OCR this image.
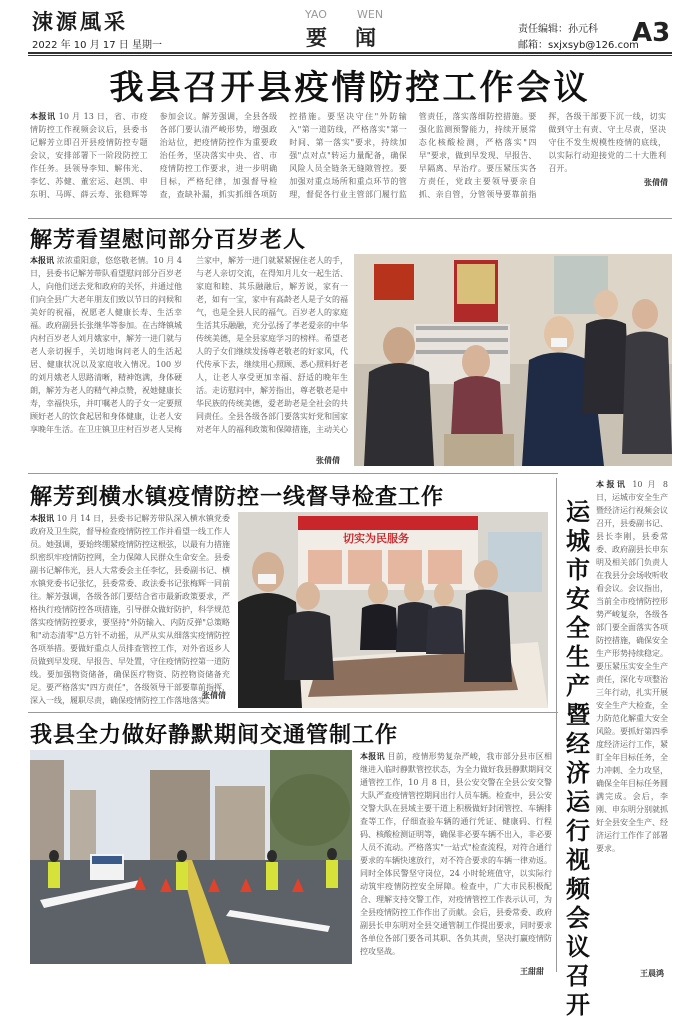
涑源風采
2022 年 10 月 17 日 星期一
YAO	WEN
要闻	责任编辑：孙元科
邮箱：sxjxsyb@126.com
A3
我县召开县疫情防控工作会议
本报讯 10 月 13 日，省、市疫情防控工作视频会议后，县委书记解芳立即召开县疫情防控专题会议，安排部署下一阶段防控工作任务。县领导李知、解伟光、李忆、苏健、董宏运、赵凯、申东明、马晖、薛云寿、张稳辉等参加会议。解芳强调，全县各级各部门要认清严峻形势，增强政治站位，把疫情防控作为重要政治任务，坚决落实中央、省、市疫情防控工作要求，进一步明确目标，严格纪律，加强督导检查，查缺补漏，抓实抓细各项防控措施。要坚决守住"外防输入"第一道防线，严格落实"第一时间、第一落实"要求，持续加强"点对点"转运力量配备，确保风险人员全链条无缝隙管控。要加强对重点场所和重点环节的管理，督促各行业主管部门履行监管责任，落实落细防控措施。要强化监测预警能力，持续开展常态化核酸检测，严格落实"四早"要求，做到早发现、早报告、早隔离、早治疗。要压紧压实各方责任，党政主要领导要亲自抓、亲自管，分管领导要靠前指挥，各级干部要下沉一线，切实做到守土有责、守土尽责，坚决守住不发生规模性疫情的底线，以实际行动迎接党的二十大胜利召开。
张倩倩
解芳看望慰问部分百岁老人
本报讯 浓浓重阳意，悠悠敬老情。10 月 4 日，县委书记解芳带队看望慰问部分百岁老人，向他们送去党和政府的关怀，并通过他们向全县广大老年朋友们致以节日的问候和美好的祝福，祝愿老人健康长寿、生活幸福。政府副县长张继华等参加。在古绛镇城内村百岁老人刘月娥家中，解芳一进门就与老人亲切握手，关切地询问老人的生活起居、健康状况以及家庭收入情况。100 岁的刘月娥老人思路清晰，精神饱满，身体硬朗，解芳为老人的精气神点赞，祝她健康长寿，幸福快乐，并叮嘱老人的子女一定要照顾好老人的饮食起居和身体健康，让老人安享晚年生活。在卫庄镇卫庄村百岁老人吴梅兰家中，解芳一进门就紧紧握住老人的手，与老人亲切交流，在得知月儿女一起生活、家庭和睦、其乐融融后，解芳说，家有一老，如有一宝，家中有高龄老人是子女的福气，也是全县人民的福气。百岁老人的家庭生活其乐融融，充分弘扬了孝老爱亲的中华传统美德，是全县家庭学习的榜样。希望老人的子女们继续发扬尊老敬老的好家风，代代传承下去，继续用心照顾、悉心照料好老人，让老人享受更加幸福、舒适的晚年生活。走访慰问中，解芳指出，尊老敬老是中华民族的传统美德，爱老助老是全社会的共同责任。全县各级各部门要落实好党和国家对老年人的福利政策和保障措施，主动关心
张倩倩
解芳到横水镇疫情防控一线督导检查工作
本报讯 10 月 14 日，县委书记解芳带队深入横水镇党委政府及卫生院，督导检查疫情防控工作并看望一线工作人员。她强调，要始终绷紧疫情防控这根弦，以最有力措施织密织牢疫情防控网，全力保障人民群众生命安全。县委副书记解伟光，县人大常委会主任李忆，县委副书记、横水镇党委书记张忆，县委常委、政法委书记张梅辉一同前往。解芳强调，各级各部门要结合省市最新政策要求，严格执行疫情防控各项措施，引导群众做好防护，科学规范落实疫情防控要求，要坚持"外防输入、内防反弹"总策略和"动态清零"总方针不动摇，从严从实从细落实疫情防控各项举措。要做好重点人员排查管控工作，对外省返乡人员做到早发现、早报告、早处置，守住疫情防控第一道防线。要加强物资储备，确保医疗物资、防控物资储备充足。要严格落实"四方责任"，各级领导干部要靠前指挥，深入一线，履职尽责，确保疫情防控工作落地落实。
张倩倩
切实为民服务
运城市安全生产暨经济运行视频会议召开
本报讯 10 月 8 日，运城市安全生产暨经济运行视频会议召开，县委副书记、县长李刚，县委常委、政府副县长申东明及相关部门负责人在我县分会场收听收看会议。会议指出，当前全市疫情防控形势严峻复杂，各级各部门要全面落实各项防控措施，确保安全生产形势持续稳定。要压紧压实安全生产责任，深化专项整治三年行动，扎实开展安全生产大检查，全力防范化解重大安全风险。要抓好第四季度经济运行工作，紧盯全年目标任务，全力冲刺、全力攻坚，确保全年目标任务圆满完成。会后，李刚、申东明分别就抓好全县安全生产、经济运行工作作了部署要求。
王晨鸿
我县全力做好静默期间交通管制工作
本报讯 目前，疫情形势复杂严峻，我市部分县市区相继进入临时静默管控状态，为全力做好我县静默期间交通管控工作，10 月 8 日，县公安交警在全县公安交警大队严查疫情管控期间出行人员车辆。检查中，县公安交警大队在县域主要干道上积极做好封闭管控、车辆排查等工作，仔细查验车辆的通行凭证、健康码、行程码、核酸检测证明等，确保非必要车辆不出入，非必要人员不流动。严格落实"一站式"检查流程，对符合通行要求的车辆快速放行，对不符合要求的车辆一律劝返。同时全体民警坚守岗位，24 小时轮班值守，以实际行动筑牢疫情防控安全屏障。检查中，广大市民积极配合、理解支持交警工作，对疫情管控工作表示认可，为全县疫情防控工作作出了贡献。会后，县委常委、政府副县长申东明对全县交通管制工作提出要求，同时要求各单位各部门要各司其职、各负其责，坚决打赢疫情防控攻坚战。
王甜甜
